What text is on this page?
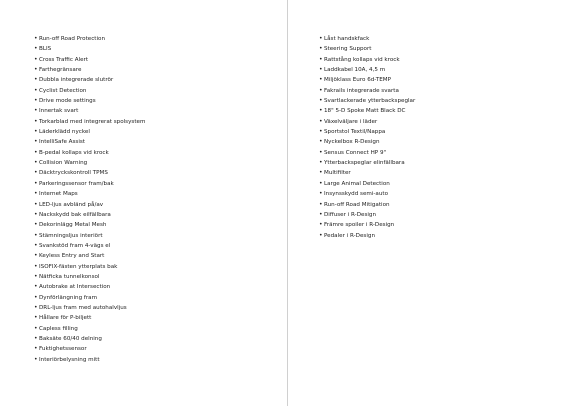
• Run-off Road Protection
• BLIS
• Cross Traffic Alert
• Farthegränsare
• Dubbla integrerade slutrör
• Cyclist Detection
• Drive mode settings
• Innertak svart
• Torkarblad med integrerat spolsystem
• Läderklädd nyckel
• IntelliSafe Assist
• B-pedal kollaps vid krock
• Collision Warning
• Däcktryckskontroll TPMS
• Parkeringssensor fram/bak
• Internet Maps
• LED-ljus avbländ på/av
• Nackskydd bak eilfällbara
• Dekorinlägg Metal Mesh
• Stämningsljus interiört
• Svankstöd fram 4-vägs el
• Keyless Entry and Start
• ISOFIX-fästen ytterplats bak
• Nätficka tunnelkonsol
• Autobrake at Intersection
• Dynförlängning fram
• DRL-ljus fram med autohalvljus
• Hållare för P-biljett
• Capless filling
• Baksäte 60/40 delning
• Fuktighetssensor
• Interiörbelysning mitt
• Låst handskfack
• Steering Support
• Rattstång kollaps vid krock
• Laddkabel 10A, 4,5 m
• Miljöklass Euro 6d-TEMP
• Fakrails integrerade svarta
• Svartlackerade ytterbackspeglar
• 18" 5-D Spoke Matt Black DC
• Växelväljare i läder
• Sportstol Textil/Nappa
• Nyckelbox R-Design
• Sensus Connect HP 9"
• Ytterbackspeglar elinfällbara
• Multifilter
• Large Animal Detection
• Insynsskydd semi-auto
• Run-off Road Mitigation
• Diffuser i R-Design
• Främre spoiler i R-Design
• Pedaler i R-Design
